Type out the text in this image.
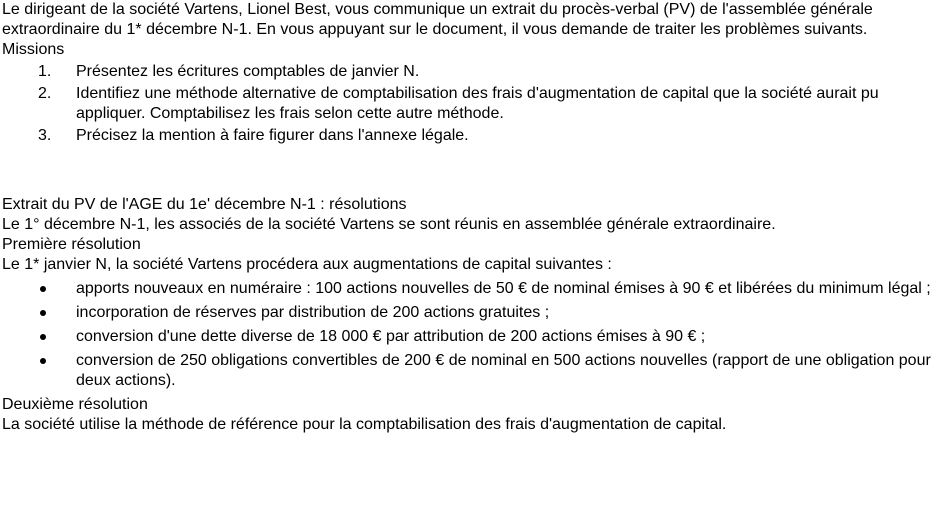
Le dirigeant de la société Vartens, Lionel Best, vous communique un extrait du procès-verbal (PV) de l'assemblée générale extraordinaire du 1* décembre N-1. En vous appuyant sur le document, il vous demande de traiter les problèmes suivants.

Missions

1. Présentez les écritures comptables de janvier N.
2. Identifiez une méthode alternative de comptabilisation des frais d'augmentation de capital que la société aurait pu appliquer. Comptabilisez les frais selon cette autre méthode.
3. Précisez la mention à faire figurer dans l'annexe légale.

Extrait du PV de l'AGE du 1e' décembre N-1 : résolutions

Le 1° décembre N-1, les associés de la société Vartens se sont réunis en assemblée générale extraordinaire.

Première résolution

Le 1* janvier N, la société Vartens procédera aux augmentations de capital suivantes :

apports nouveaux en numéraire : 100 actions nouvelles de 50 € de nominal émises à 90 € et libérées du minimum légal ;
incorporation de réserves par distribution de 200 actions gratuites ;
conversion d'une dette diverse de 18 000 € par attribution de 200 actions émises à 90 € ;
conversion de 250 obligations convertibles de 200 € de nominal en 500 actions nouvelles (rapport de une obligation pour deux actions).

Deuxième résolution

La société utilise la méthode de référence pour la comptabilisation des frais d'augmentation de capital.
